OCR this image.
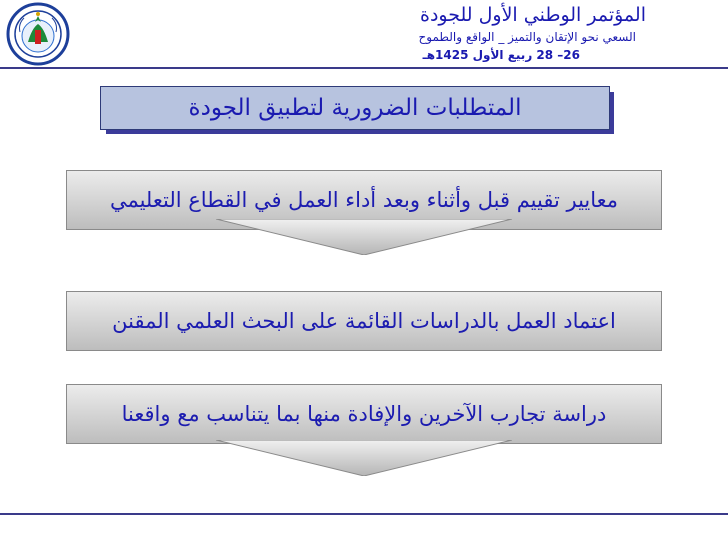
المؤتمر الوطني الأول للجودة
السعي نحو الإتقان والتميز _ الواقع والطموح
26– 28 ربيع الأول 1425هـ
المتطلبات الضرورية لتطبيق الجودة
معايير تقييم قبل وأثناء وبعد أداء العمل في القطاع التعليمي
اعتماد العمل بالدراسات القائمة على البحث العلمي المقنن
دراسة تجارب الآخرين والإفادة منها بما يتناسب مع واقعنا
